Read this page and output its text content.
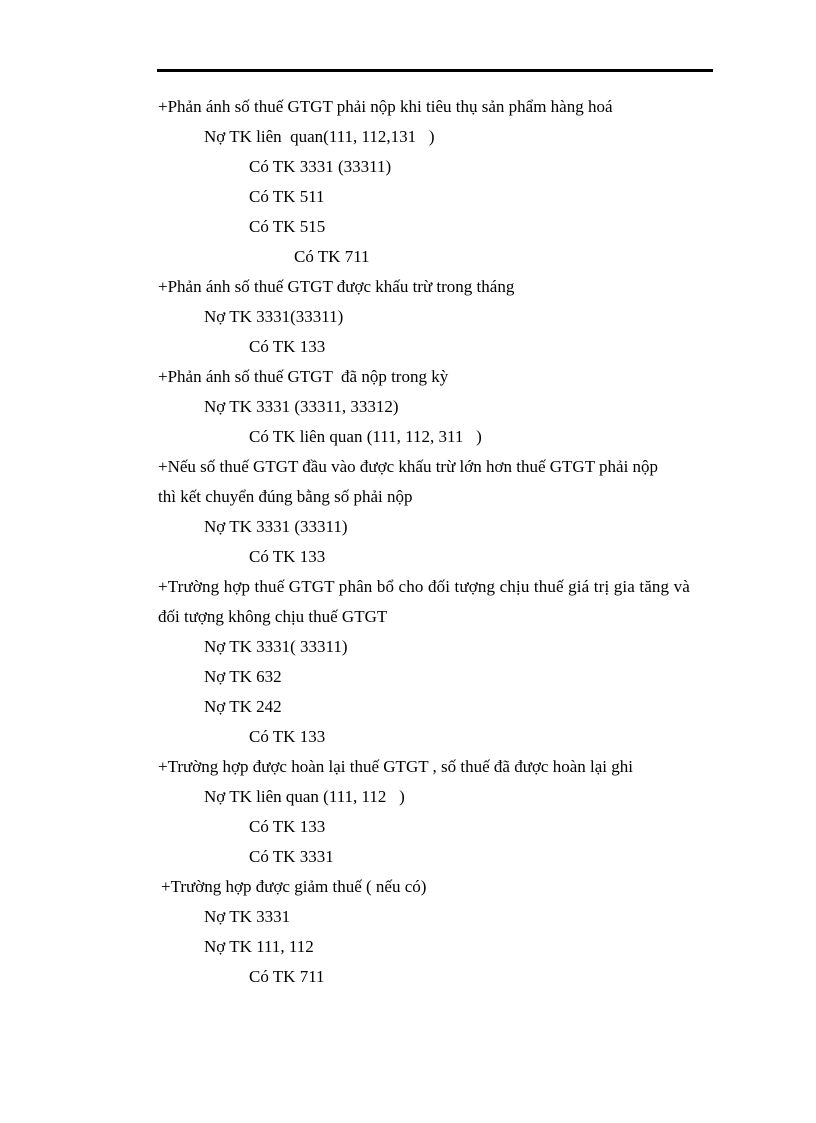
+Phản ánh số thuế GTGT phải nộp khi tiêu thụ sản phẩm hàng hoá
Nợ TK liên  quan(111, 112,131   )
Có TK 3331 (33311)
Có TK 511
Có TK 515
Có TK 711
+Phản ánh số thuế GTGT được khấu trừ trong tháng
Nợ TK 3331(33311)
Có TK 133
+Phản ánh số thuế GTGT  đã nộp trong kỳ
Nợ TK 3331 (33311, 33312)
Có TK liên quan (111, 112, 311   )
+Nếu số thuế GTGT đầu vào được khấu trừ lớn hơn thuế GTGT phải nộp
thì kết chuyển đúng bằng số phải nộp
Nợ TK 3331 (33311)
Có TK 133
+Trường hợp thuế GTGT phân bổ cho đối tượng chịu thuế giá trị gia tăng và
đối tượng không chịu thuế GTGT
Nợ TK 3331( 33311)
Nợ TK 632
Nợ TK 242
Có TK 133
+Trường hợp được hoàn lại thuế GTGT , số thuế đã được hoàn lại ghi
Nợ TK liên quan (111, 112   )
Có TK 133
Có TK 3331
+Trường hợp được giảm thuế ( nếu có)
Nợ TK 3331
Nợ TK 111, 112
Có TK 711
